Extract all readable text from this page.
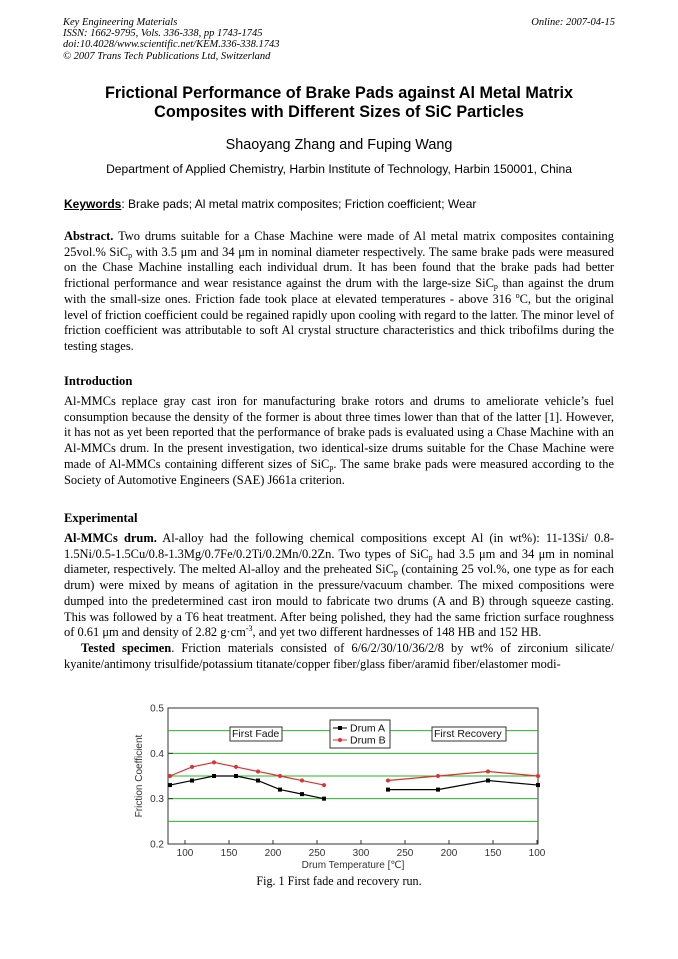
Key Engineering Materials
ISSN: 1662-9795, Vols. 336-338, pp 1743-1745
doi:10.4028/www.scientific.net/KEM.336-338.1743
© 2007 Trans Tech Publications Ltd, Switzerland
Online: 2007-04-15
Frictional Performance of Brake Pads against Al Metal Matrix
Composites with Different Sizes of SiC Particles
Shaoyang Zhang and Fuping Wang
Department of Applied Chemistry, Harbin Institute of Technology, Harbin 150001, China
Keywords: Brake pads; Al metal matrix composites; Friction coefficient; Wear

Abstract. Two drums suitable for a Chase Machine were made of Al metal matrix composites containing 25vol.% SiC$_p$ with 3.5 μm and 34 μm in nominal diameter respectively. The same brake pads were measured on the Chase Machine installing each individual drum. It has been found that the brake pads had better frictional performance and wear resistance against the drum with the large-size SiC$_p$ than against the drum with the small-size ones. Friction fade took place at elevated temperatures - above 316 $^o$C, but the original level of friction coefficient could be regained rapidly upon cooling with regard to the latter. The minor level of friction coefficient was attributable to soft Al crystal structure characteristics and thick tribofilms during the testing stages.

Introduction

Al-MMCs replace gray cast iron for manufacturing brake rotors and drums to ameliorate vehicle’s fuel consumption because the density of the former is about three times lower than that of the latter [1]. However, it has not as yet been reported that the performance of brake pads is evaluated using a Chase Machine with an Al-MMCs drum. In the present investigation, two identical-size drums suitable for the Chase Machine were made of Al-MMCs containing different sizes of SiC$_p$. The same brake pads were measured according to the Society of Automotive Engineers (SAE) J661a criterion.

Experimental

Al-MMCs drum. Al-alloy had the following chemical compositions except Al (in wt%): 11-13Si/ 0.8-1.5Ni/0.5-1.5Cu/0.8-1.3Mg/0.7Fe/0.2Ti/0.2Mn/0.2Zn. Two types of SiC$_p$ had 3.5 μm and 34 μm in nominal diameter, respectively. The melted Al-alloy and the preheated SiC$_p$ (containing 25 vol.%, one type as for each drum) were mixed by means of agitation in the pressure/vacuum chamber. The mixed compositions were dumped into the predetermined cast iron mould to fabricate two drums (A and B) through squeeze casting. This was followed by a T6 heat treatment. After being polished, they had the same friction surface roughness of 0.61 μm and density of 2.82 $g\cdot cm^{-3}$, and yet two different hardnesses of 148 HB and 152 HB.

Tested specimen. Friction materials consisted of 6/6/2/30/10/36/2/8 by wt% of zirconium silicate/ kyanite/antimony trisulfide/potassium titanate/copper fiber/glass fiber/aramid fiber/elastomer modi-

0.2
0.3
0.4
0.5
100	150	200	250	300	250	200	150	100
Drum Temperature [℃]
Friction Coefficient
First Fade	First Recovery
Drum A
Drum B
Fig. 1 First fade and recovery run.
